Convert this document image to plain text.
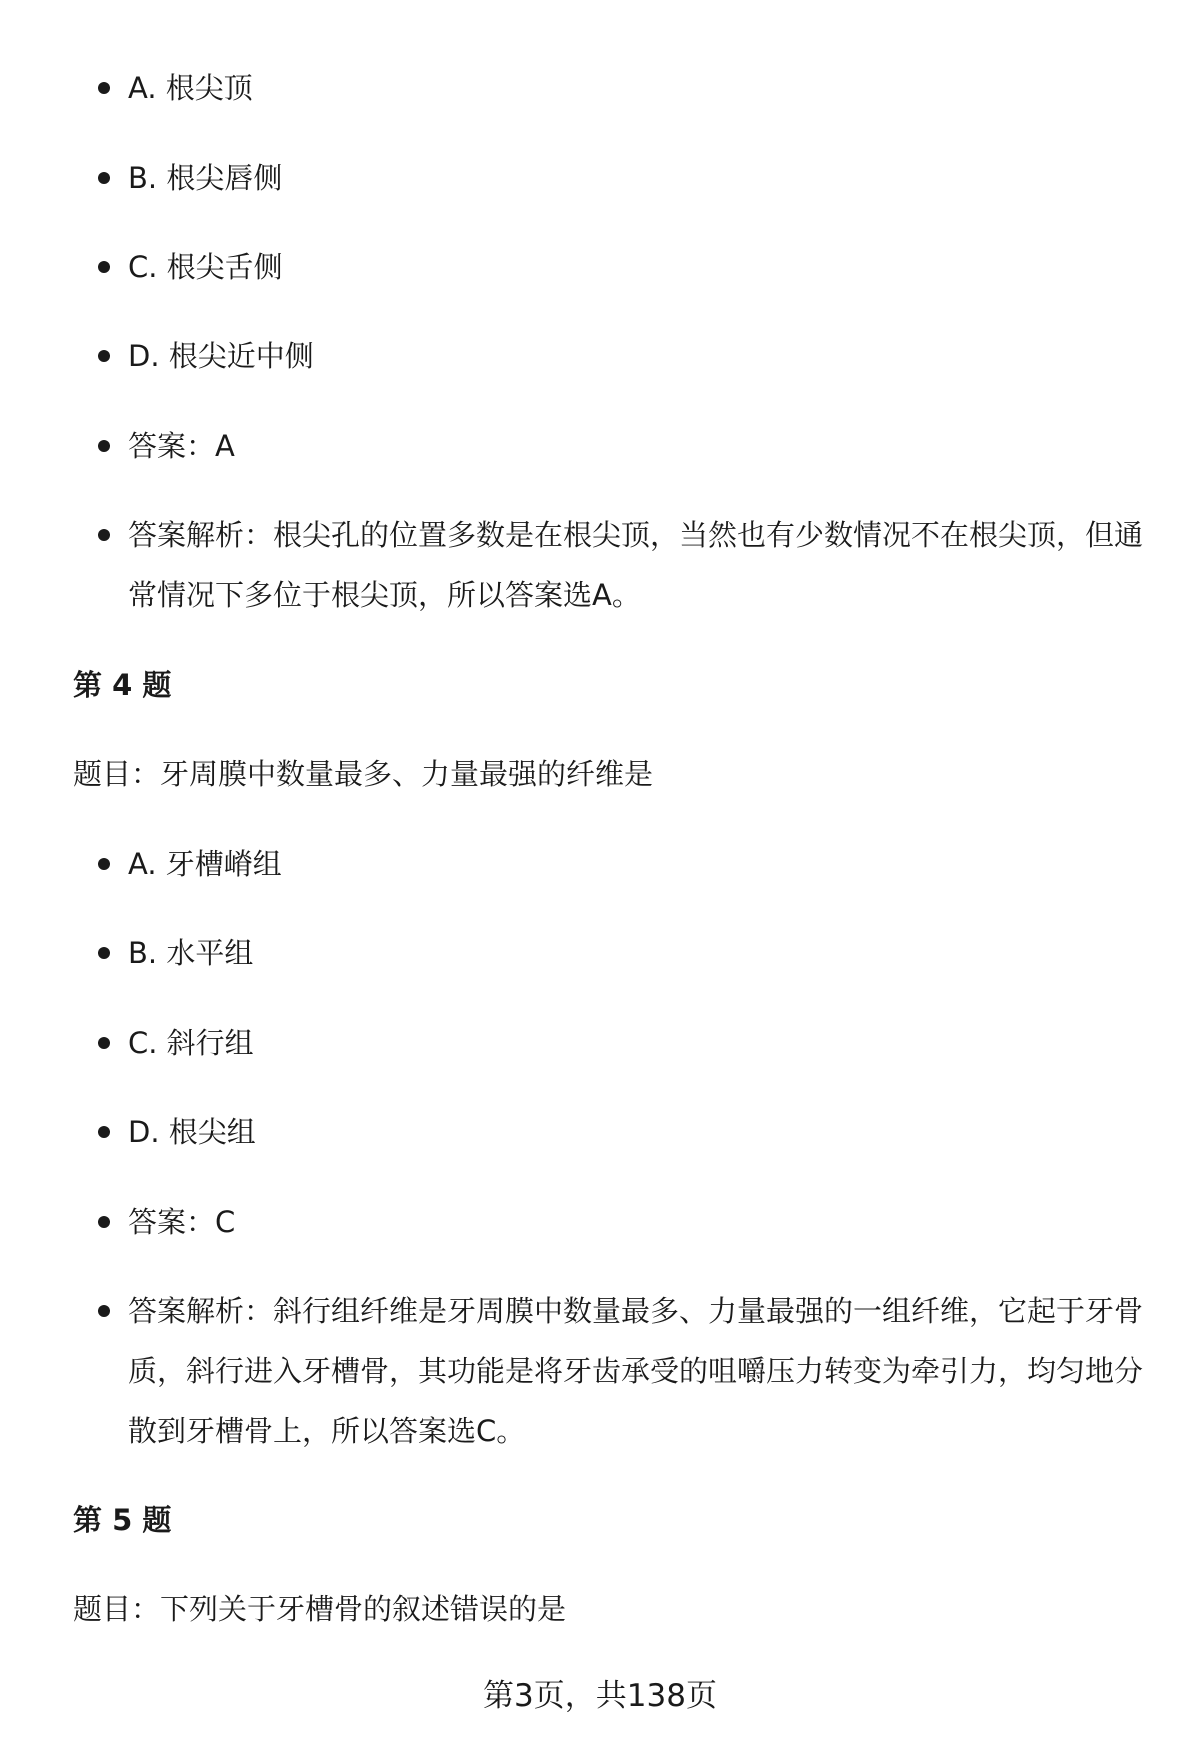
A. 根尖顶
B. 根尖唇侧
C. 根尖舌侧
D. 根尖近中侧
答案：A
答案解析：根尖孔的位置多数是在根尖顶，当然也有少数情况不在根尖顶，但通常情况下多位于根尖顶，所以答案选A。
第 4 题
题目：牙周膜中数量最多、力量最强的纤维是
A. 牙槽嵴组
B. 水平组
C. 斜行组
D. 根尖组
答案：C
答案解析：斜行组纤维是牙周膜中数量最多、力量最强的一组纤维，它起于牙骨质，斜行进入牙槽骨，其功能是将牙齿承受的咀嚼压力转变为牵引力，均匀地分散到牙槽骨上，所以答案选C。
第 5 题
题目：下列关于牙槽骨的叙述错误的是
第3页，共138页
